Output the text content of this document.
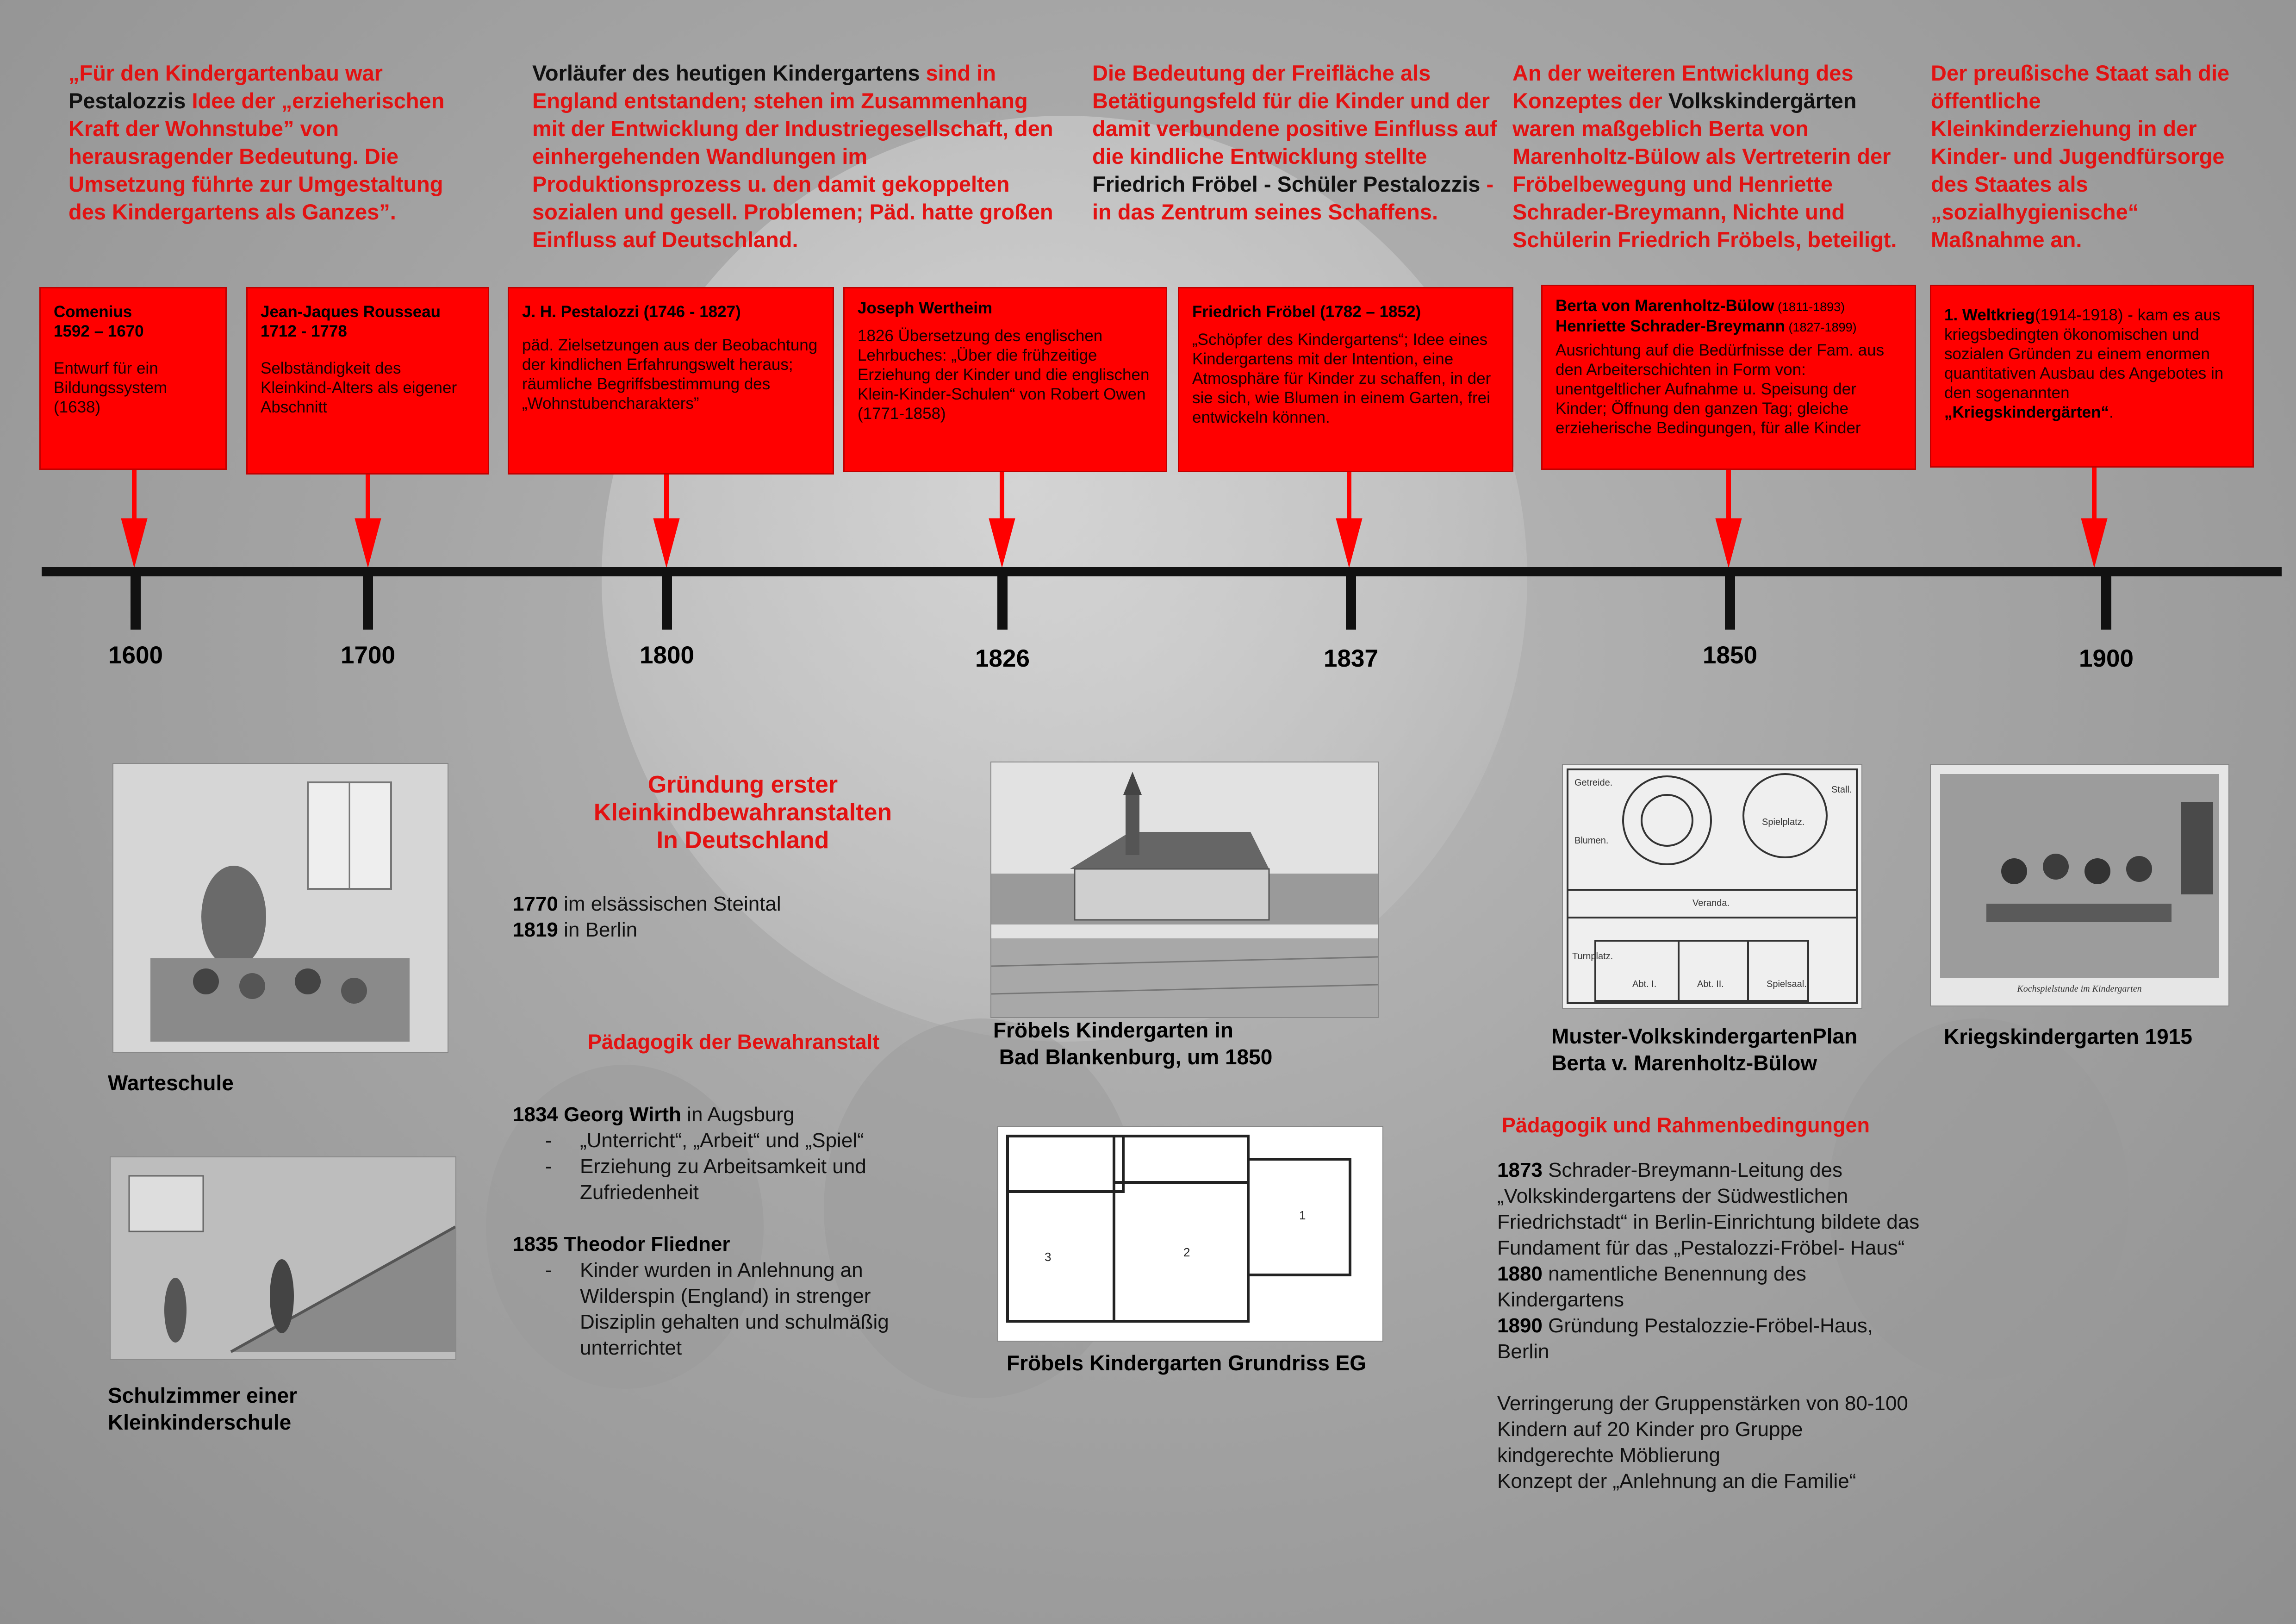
„Für den Kindergartenbau war Pestalozzis Idee der „erzieherischen Kraft der Wohnstube” von herausragender Bedeutung. Die Umsetzung führte zur Umgestaltung des Kindergartens als Ganzes”.
Vorläufer des heutigen Kindergartens sind in England entstanden; stehen im Zusammenhang mit der Entwicklung der Industriegesellschaft, den einhergehenden Wandlungen im Produktionsprozess u. den damit gekoppelten sozialen und gesell. Problemen; Päd. hatte großen Einfluss auf Deutschland.
Die Bedeutung der Freifläche als Betätigungsfeld für die Kinder und der damit verbundene positive Einfluss auf die kindliche Entwicklung stellte Friedrich Fröbel - Schüler Pestalozzis - in das Zentrum seines Schaffens.
An der weiteren Entwicklung des Konzeptes der Volkskindergärten waren maßgeblich Berta von Marenholtz-Bülow als Vertreterin der Fröbelbewegung und Henriette Schrader-Breymann, Nichte und Schülerin Friedrich Fröbels, beteiligt.
Der preußische Staat sah die öffentliche Kleinkinderziehung in der Kinder- und Jugendfürsorge des Staates als „sozialhygienische“ Maßnahme an.
Comenius
1592 – 1670
Entwurf für ein Bildungssystem (1638)
Jean-Jaques Rousseau
1712 - 1778
Selbständigkeit des Kleinkind-Alters als eigener Abschnitt
J. H. Pestalozzi (1746 - 1827)
päd. Zielsetzungen aus der Beobachtung der kindlichen Erfahrungswelt heraus; räumliche Begriffsbestimmung des „Wohnstubencharakters”
Joseph Wertheim
1826 Übersetzung des englischen Lehrbuches: „Über die frühzeitige Erziehung der Kinder und die englischen Klein-Kinder-Schulen“ von Robert Owen (1771-1858)
Friedrich Fröbel (1782 – 1852)
„Schöpfer des Kindergartens“; Idee eines Kindergartens mit der Intention, eine Atmosphäre für Kinder zu schaffen, in der sie sich, wie Blumen in einem Garten, frei entwickeln können.
Berta von Marenholtz-Bülow (1811-1893)
Henriette Schrader-Breymann (1827-1899)
Ausrichtung auf die Bedürfnisse der Fam. aus den Arbeiterschichten in Form von: unentgeltlicher Aufnahme u. Speisung der Kinder; Öffnung den ganzen Tag; gleiche erzieherische Bedingungen, für alle Kinder
1. Weltkrieg(1914-1918) - kam es aus kriegsbedingten ökonomischen und sozialen Gründen zu einem enormen quantitativen Ausbau des Angebotes in den sogenannten „Kriegskindergärten“.
1600	1700	1800	1826	1837	1850	1900
3	2
1
Getreide.
Blumen.
Spielplatz.
Stall.
Veranda.
Turnplatz.
Abt. I.	Abt. II.	Spielsaal.	Kochspielstunde im Kindergarten
Warteschule
Schulzimmer einer
Kleinkinderschule
Fröbels Kindergarten in
Bad Blankenburg, um 1850
Fröbels Kindergarten Grundriss EG
Muster-VolkskindergartenPlan
Berta v. Marenholtz-Bülow
Kriegskindergarten 1915
Gründung erster
Kleinkindbewahranstalten
In Deutschland
1770 im elsässischen Steintal
1819 in Berlin
Pädagogik der Bewahranstalt
1834 Georg Wirth in Augsburg
- „Unterricht“, „Arbeit“ und „Spiel“
- Erziehung zu Arbeitsamkeit und Zufriedenheit
1835 Theodor Fliedner
- Kinder wurden in Anlehnung an Wilderspin (England) in strenger Disziplin gehalten und schulmäßig unterrichtet
Pädagogik und Rahmenbedingungen
1873 Schrader-Breymann-Leitung des „Volkskindergartens der Südwestlichen Friedrichstadt“ in Berlin-Einrichtung bildete das Fundament für das „Pestalozzi-Fröbel- Haus“
1880 namentliche Benennung des Kindergartens
1890 Gründung Pestalozzie-Fröbel-Haus, Berlin
Verringerung der Gruppenstärken von 80-100 Kindern auf 20 Kinder pro Gruppe
kindgerechte Möblierung
Konzept der „Anlehnung an die Familie“
